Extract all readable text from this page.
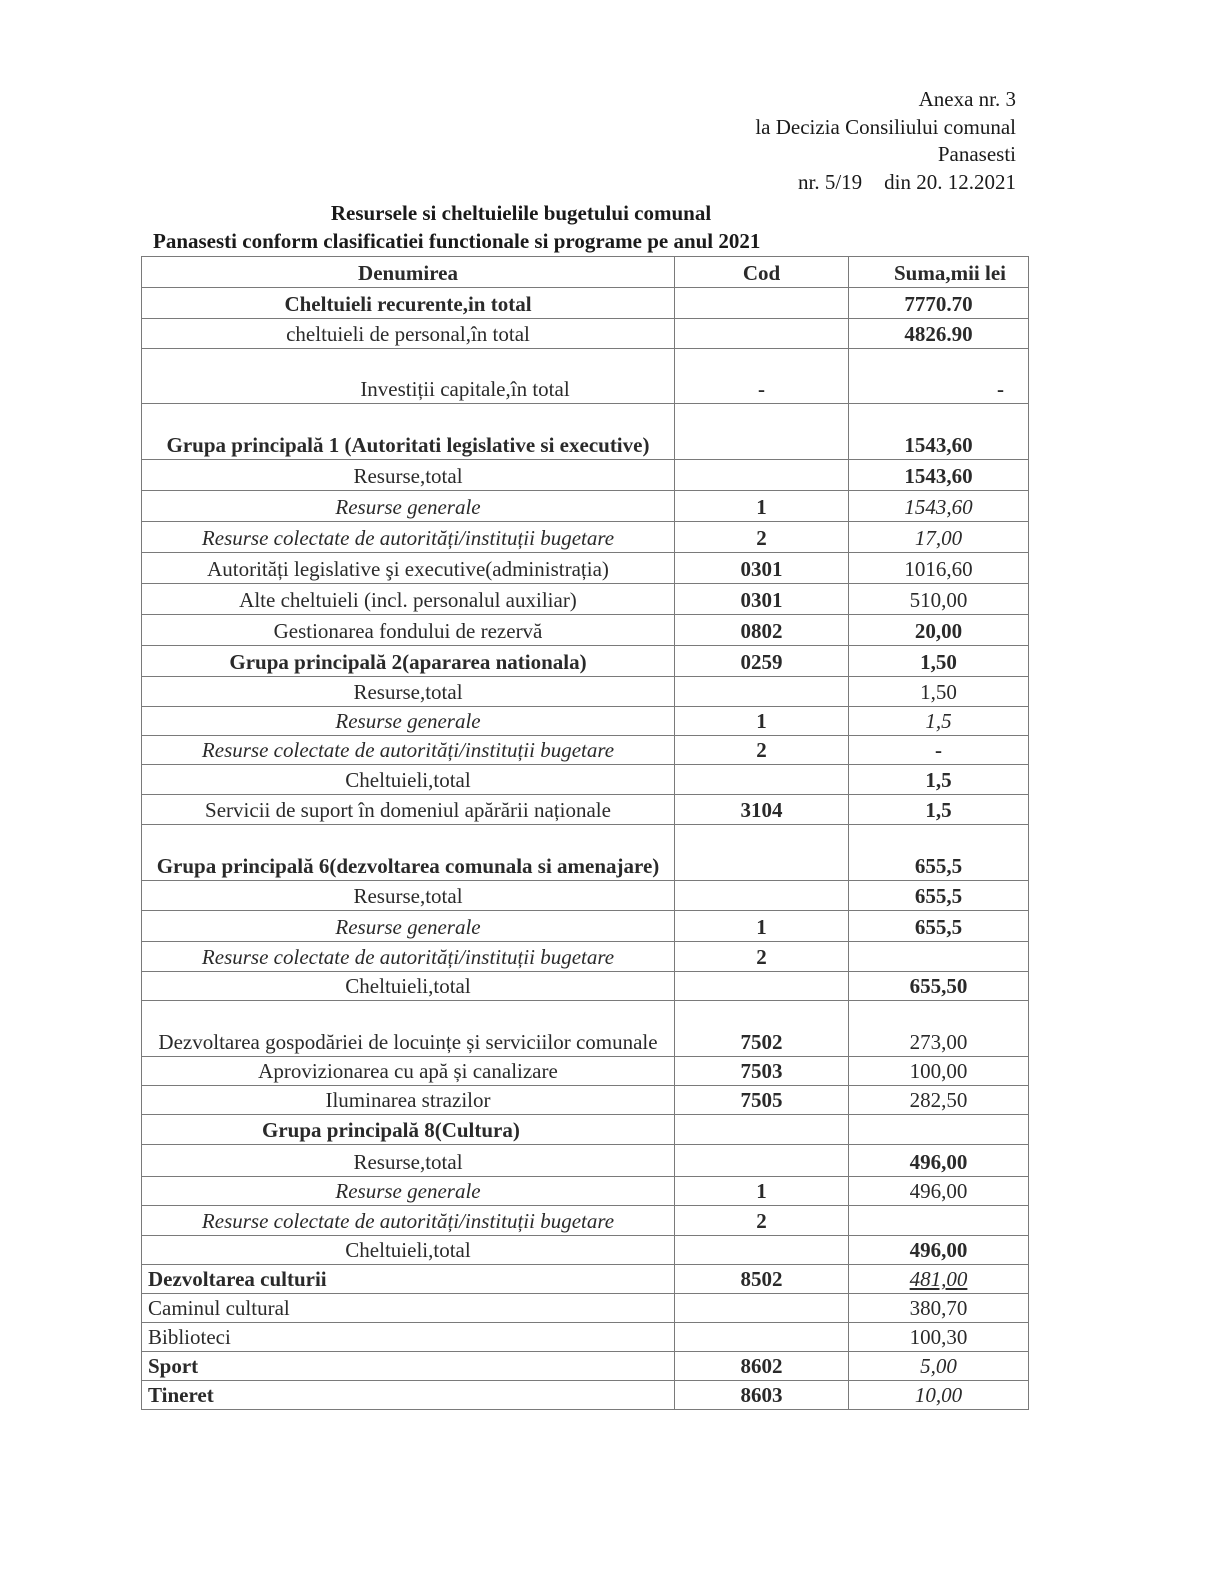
Anexa nr. 3
la Decizia Consiliului comunal
Panasesti
nr. 5/19 din 20. 12.2021
Resursele si cheltuielile bugetului comunal
Panasesti conform clasificatiei functionale si programe pe anul 2021
Denumirea	Cod	Suma,mii lei
Cheltuieli recurente,in total		7770.70
cheltuieli de personal,în total		4826.90
Investiții capitale,în total	-	-
Grupa principală 1 (Autoritati legislative si executive)		1543,60
Resurse,total		1543,60
Resurse generale	1	1543,60
Resurse colectate de autorități/instituții bugetare	2	17,00
Autorități legislative şi executive(administrația)	0301	1016,60
Alte cheltuieli (incl. personalul auxiliar)	0301	510,00
Gestionarea fondului de rezervă	0802	20,00
Grupa principală 2(apararea nationala)	0259	1,50
Resurse,total		1,50
Resurse generale	1	1,5
Resurse colectate de autorități/instituții bugetare	2	-
Cheltuieli,total		1,5
Servicii de suport în domeniul apărării naționale	3104	1,5
Grupa principală 6(dezvoltarea comunala si amenajare)		655,5
Resurse,total		655,5
Resurse generale	1	655,5
Resurse colectate de autorități/instituții bugetare	2	
Cheltuieli,total		655,50
Dezvoltarea gospodăriei de locuințe și serviciilor comunale	7502	273,00
Aprovizionarea cu apă și canalizare	7503	100,00
Iluminarea strazilor	7505	282,50
Grupa principală 8(Cultura)		
Resurse,total		496,00
Resurse generale	1	496,00
Resurse colectate de autorități/instituții bugetare	2	
Cheltuieli,total		496,00
Dezvoltarea culturii	8502	481,00
Caminul cultural		380,70
Biblioteci		100,30
Sport	8602	5,00
Tineret	8603	10,00
